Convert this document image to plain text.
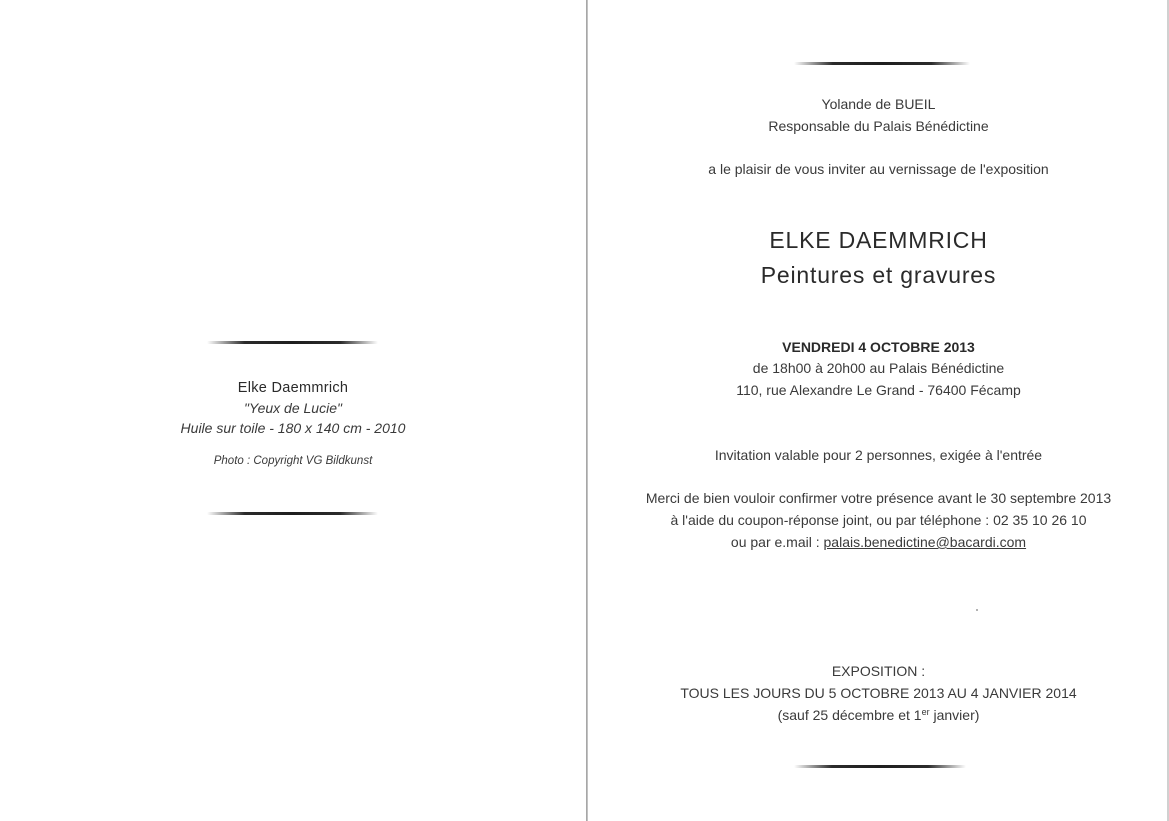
Elke Daemmrich
"Yeux de Lucie"
Huile sur toile - 180 x 140 cm - 2010
Photo : Copyright VG Bildkunst
Yolande de BUEIL
Responsable du Palais Bénédictine
a le plaisir de vous inviter au vernissage de l'exposition
ELKE DAEMMRICH
Peintures et gravures
VENDREDI 4 OCTOBRE 2013
de 18h00 à 20h00 au Palais Bénédictine
110, rue Alexandre Le Grand - 76400 Fécamp
Invitation valable pour 2 personnes, exigée à l'entrée
Merci de bien vouloir confirmer votre présence avant le 30 septembre 2013
à l'aide du coupon-réponse joint, ou par téléphone : 02 35 10 26 10
ou par e.mail : palais.benedictine@bacardi.com
EXPOSITION :
TOUS LES JOURS DU 5 OCTOBRE 2013 AU 4 JANVIER 2014
(sauf 25 décembre et 1er janvier)
